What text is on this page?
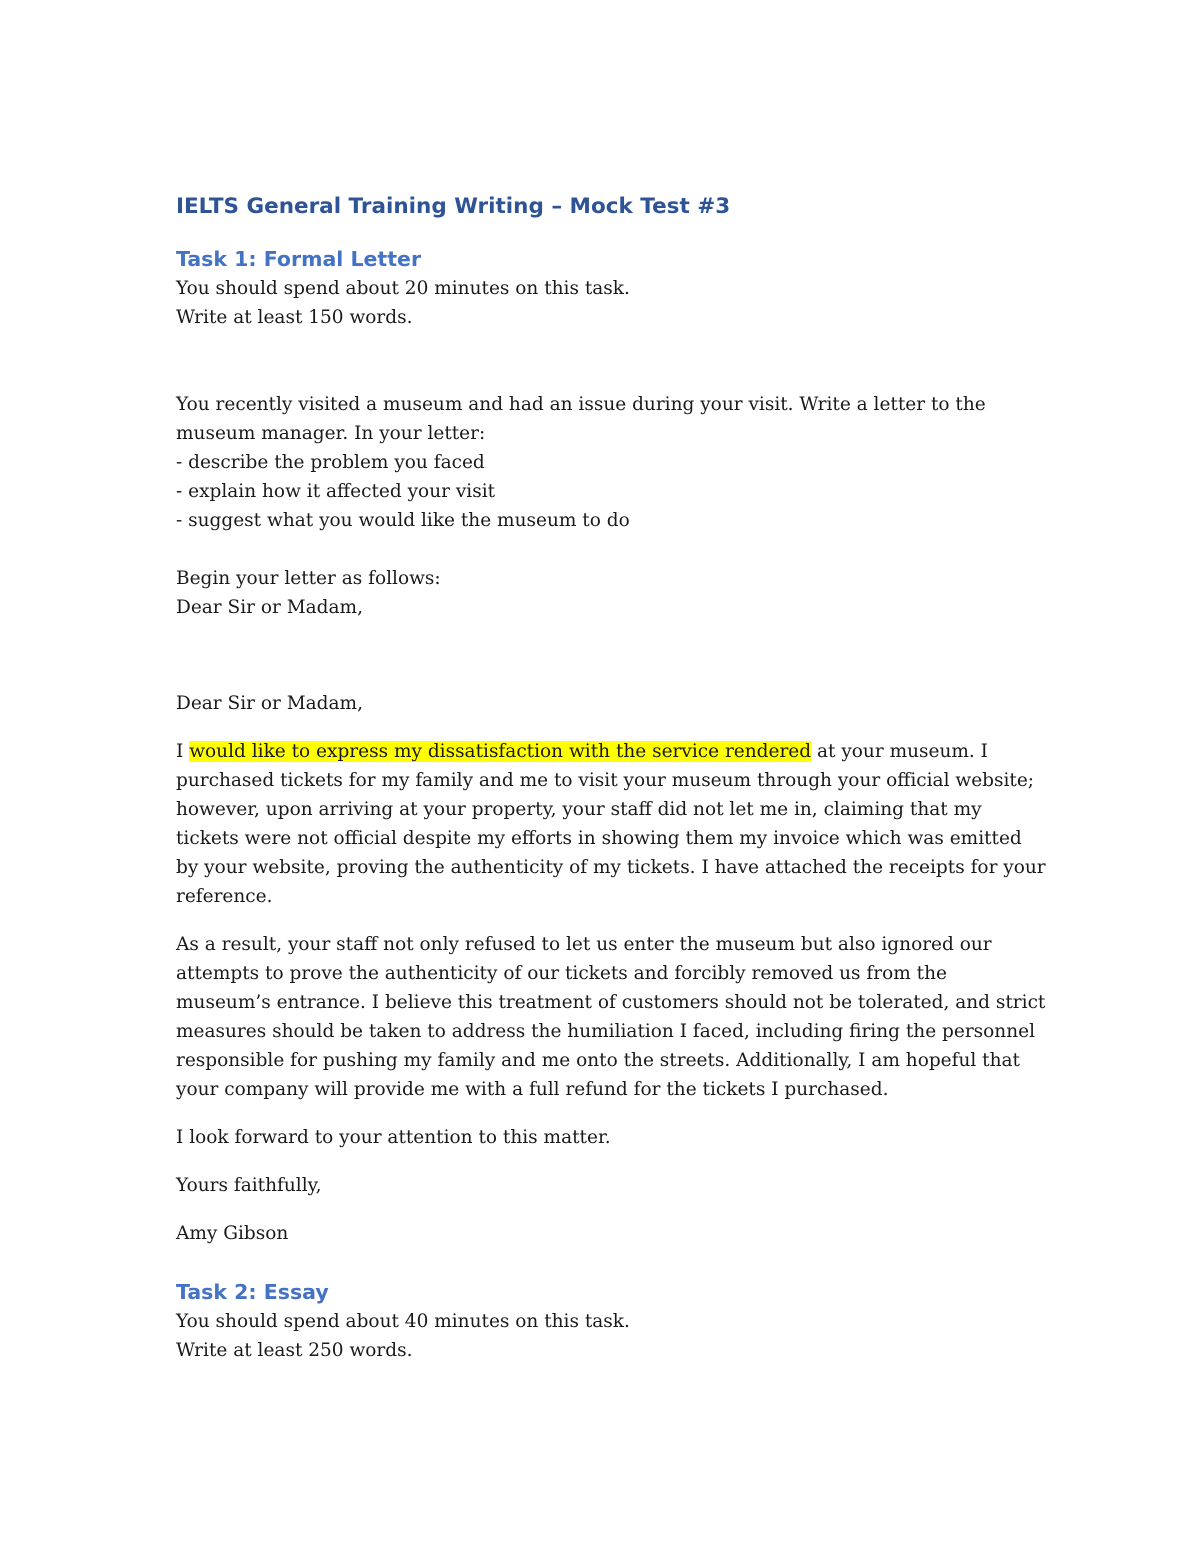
IELTS General Training Writing – Mock Test #3
Task 1: Formal Letter

You should spend about 20 minutes on this task.

Write at least 150 words.

You recently visited a museum and had an issue during your visit. Write a letter to the

museum manager. In your letter:

- describe the problem you faced

- explain how it affected your visit

- suggest what you would like the museum to do

Begin your letter as follows:

Dear Sir or Madam,

Dear Sir or Madam,

I would like to express my dissatisfaction with the service rendered at your museum. I
purchased tickets for my family and me to visit your museum through your official website;
however, upon arriving at your property, your staff did not let me in, claiming that my
tickets were not official despite my efforts in showing them my invoice which was emitted
by your website, proving the authenticity of my tickets. I have attached the receipts for your
reference.

As a result, your staff not only refused to let us enter the museum but also ignored our
attempts to prove the authenticity of our tickets and forcibly removed us from the
museum’s entrance. I believe this treatment of customers should not be tolerated, and strict
measures should be taken to address the humiliation I faced, including firing the personnel
responsible for pushing my family and me onto the streets. Additionally, I am hopeful that
your company will provide me with a full refund for the tickets I purchased.

I look forward to your attention to this matter.

Yours faithfully,

Amy Gibson

Task 2: Essay

You should spend about 40 minutes on this task.

Write at least 250 words.
